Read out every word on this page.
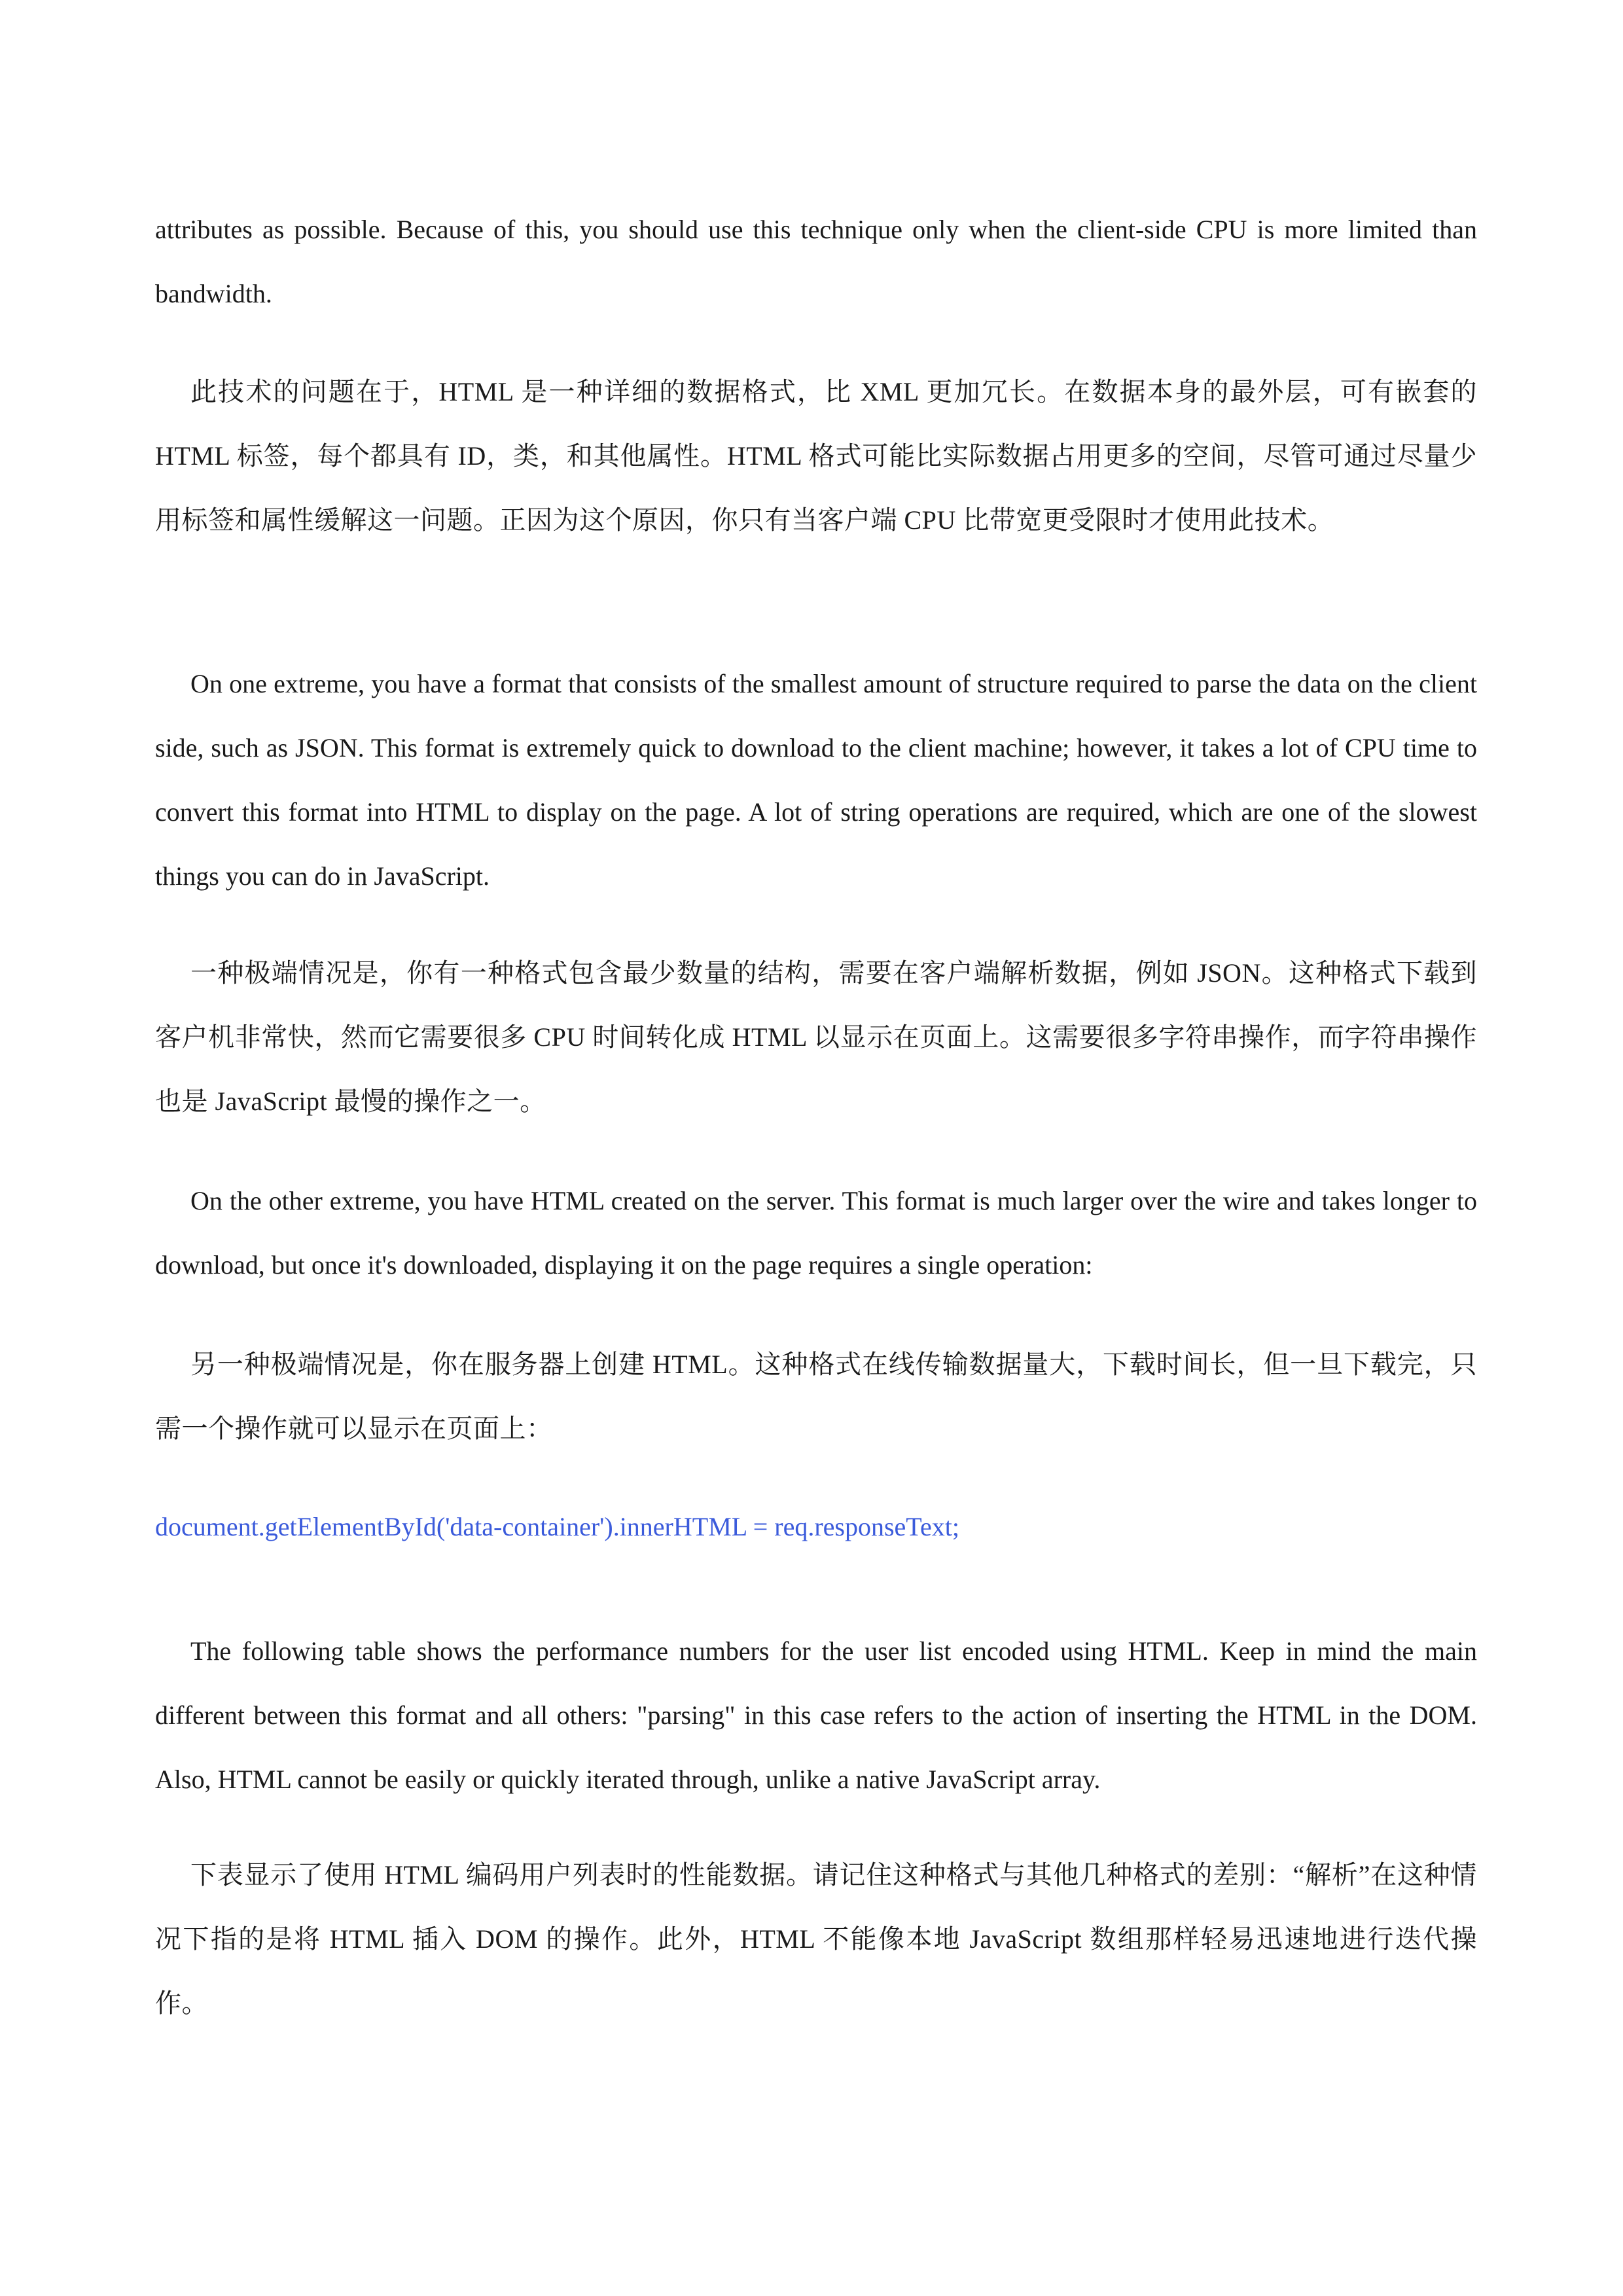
attributes as possible. Because of this, you should use this technique only when the client-side CPU is more limited than bandwidth.

此技术的问题在于，HTML 是一种详细的数据格式，比 XML 更加冗长。在数据本身的最外层，可有嵌套的 HTML 标签，每个都具有 ID，类，和其他属性。HTML 格式可能比实际数据占用更多的空间，尽管可通过尽量少用标签和属性缓解这一问题。正因为这个原因，你只有当客户端 CPU 比带宽更受限时才使用此技术。

On one extreme, you have a format that consists of the smallest amount of structure required to parse the data on the client side, such as JSON. This format is extremely quick to download to the client machine; however, it takes a lot of CPU time to convert this format into HTML to display on the page. A lot of string operations are required, which are one of the slowest things you can do in JavaScript.

一种极端情况是，你有一种格式包含最少数量的结构，需要在客户端解析数据，例如 JSON。这种格式下载到客户机非常快，然而它需要很多 CPU 时间转化成 HTML 以显示在页面上。这需要很多字符串操作，而字符串操作也是 JavaScript 最慢的操作之一。

On the other extreme, you have HTML created on the server. This format is much larger over the wire and takes longer to download, but once it's downloaded, displaying it on the page requires a single operation:

另一种极端情况是，你在服务器上创建 HTML。这种格式在线传输数据量大，下载时间长，但一旦下载完，只需一个操作就可以显示在页面上：

document.getElementById('data-container').innerHTML = req.responseText;

The following table shows the performance numbers for the user list encoded using HTML. Keep in mind the main different between this format and all others: "parsing" in this case refers to the action of inserting the HTML in the DOM. Also, HTML cannot be easily or quickly iterated through, unlike a native JavaScript array.

下表显示了使用 HTML 编码用户列表时的性能数据。请记住这种格式与其他几种格式的差别：“解析”在这种情况下指的是将 HTML 插入 DOM 的操作。此外，HTML 不能像本地 JavaScript 数组那样轻易迅速地进行迭代操作。
